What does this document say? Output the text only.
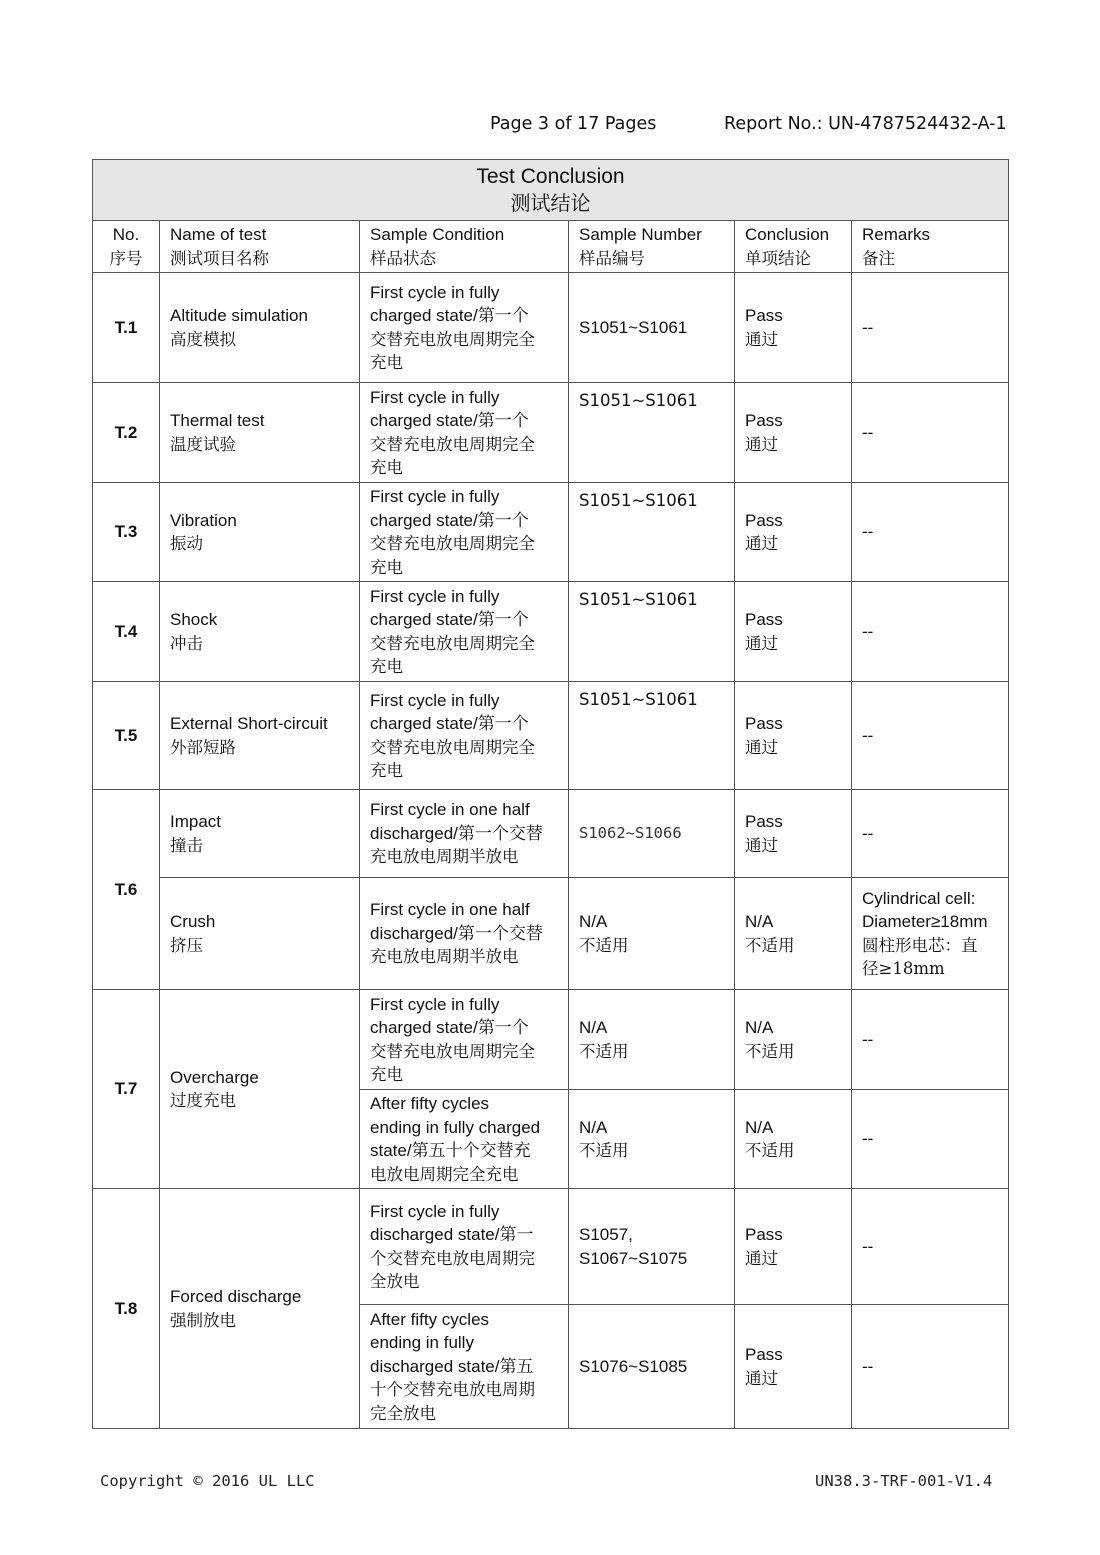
Page 3 of 17 Pages	Report No.: UN-4787524432-A-1
Test Conclusion
测试结论
No.
序号
Name of test
测试项目名称
Sample Condition
样品状态
Sample Number
样品编号
Conclusion
单项结论
Remarks
备注
T.1
T.2
T.3
T.4
T.5
T.6
T.7
T.8
Altitude simulation
高度模拟
Thermal test
温度试验
Vibration
振动
Shock
冲击
External Short-circuit
外部短路
Impact
撞击
Crush
挤压
Overcharge
过度充电
Forced discharge
强制放电
First cycle in fully
charged state/第一个
交替充电放电周期完全
充电
First cycle in fully
charged state/第一个
交替充电放电周期完全
充电
First cycle in fully
charged state/第一个
交替充电放电周期完全
充电
First cycle in fully
charged state/第一个
交替充电放电周期完全
充电
First cycle in fully
charged state/第一个
交替充电放电周期完全
充电
First cycle in one half
discharged/第一个交替
充电放电周期半放电
First cycle in one half
discharged/第一个交替
充电放电周期半放电
First cycle in fully
charged state/第一个
交替充电放电周期完全
充电
After fifty cycles
ending in fully charged
state/第五十个交替充
电放电周期完全充电
First cycle in fully
discharged state/第一
个交替充电放电周期完
全放电
After fifty cycles
ending in fully
discharged state/第五
十个交替充电放电周期
完全放电
S1051~S1061
S1051~S1061
S1051~S1061
S1051~S1061
S1051~S1061
S1062~S1066
N/A
不适用
N/A
不适用
N/A
不适用
S1057,
S1067~S1075
S1076~S1085
Pass
通过
Pass
通过
Pass
通过
Pass
通过
Pass
通过
Pass
通过
N/A
不适用
N/A
不适用
N/A
不适用
Pass
通过
Pass
通过
--
--
--
--
--
--
Cylindrical cell:
Diameter≥18mm
圆柱形电芯：直
径≥18mm
--
--
--
--
Copyright © 2016 UL LLC	UN38.3-TRF-001-V1.4
